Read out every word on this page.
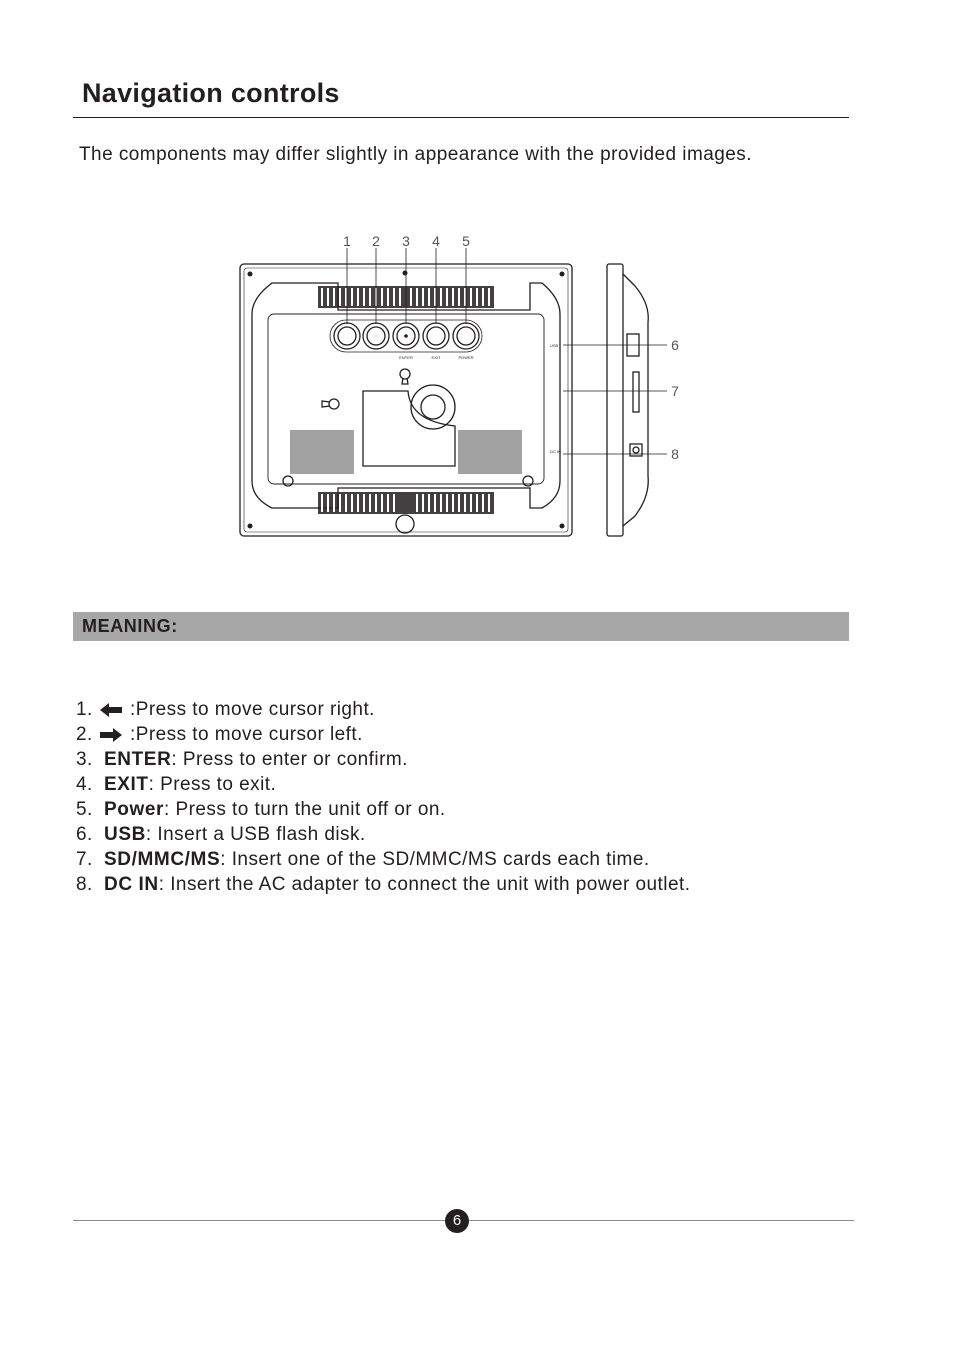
Navigation controls
The components may differ slightly in appearance with the provided images.
1 2 3 4 5
6
7
8
ENTER	EXIT	POWER
USB
DC IN
MEANING:
1.	:Press to move cursor right.
2.	:Press to move cursor left.
3. ENTER : Press to enter or confirm.
4. EXIT : Press to exit.
5. Power : Press to turn the unit off or on.
6. USB : Insert a USB flash disk.
7. SD/MMC/MS : Insert one of the SD/MMC/MS cards each time.
8. DC IN : Insert the AC adapter to connect the unit with power outlet.
6
